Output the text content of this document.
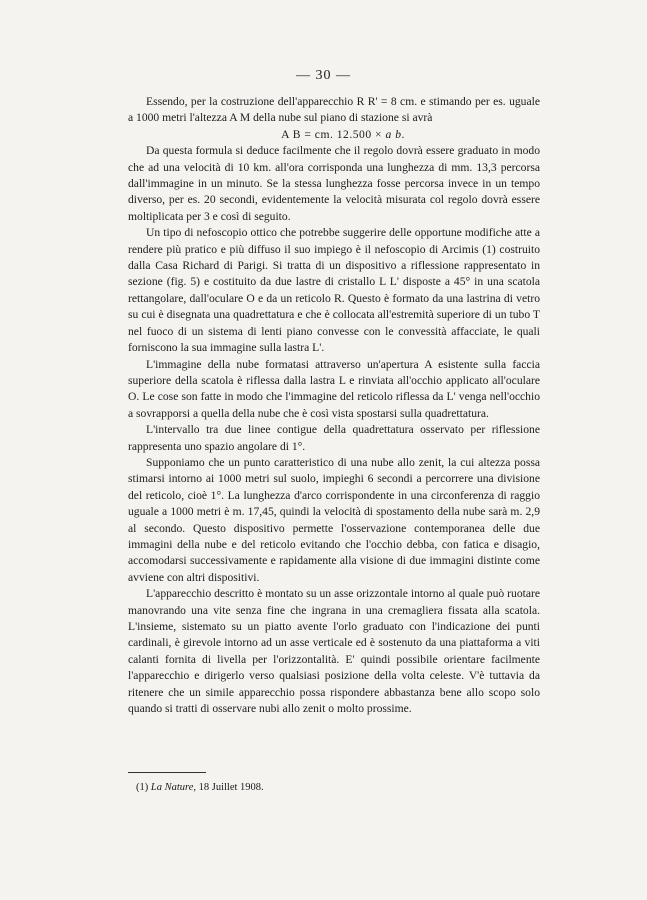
— 30 —

Essendo, per la costruzione dell'apparecchio R R' = 8 cm. e stimando per es. uguale a 1000 metri l'altezza A M della nube sul piano di stazione si avrà

A B = cm. 12.500 × a b.

Da questa formula si deduce facilmente che il regolo dovrà essere graduato in modo che ad una velocità di 10 km. all'ora corrisponda una lunghezza di mm. 13,3 percorsa dall'immagine in un minuto. Se la stessa lunghezza fosse percorsa invece in un tempo diverso, per es. 20 secondi, evidentemente la velocità misurata col regolo dovrà essere moltiplicata per 3 e così di seguito.

Un tipo di nefoscopio ottico che potrebbe suggerire delle opportune modifiche atte a rendere più pratico e più diffuso il suo impiego è il nefoscopio di Arcimis (1) costruito dalla Casa Richard di Parigi. Si tratta di un dispositivo a riflessione rappresentato in sezione (fig. 5) e costituito da due lastre di cristallo L L' disposte a 45° in una scatola rettangolare, dall'oculare O e da un reticolo R. Questo è formato da una lastrina di vetro su cui è disegnata una quadrettatura e che è collocata all'estremità superiore di un tubo T nel fuoco di un sistema di lenti piano convesse con le convessità affacciate, le quali forniscono la sua immagine sulla lastra L'.

L'immagine della nube formatasi attraverso un'apertura A esistente sulla faccia superiore della scatola è riflessa dalla lastra L e rinviata all'occhio applicato all'oculare O. Le cose son fatte in modo che l'immagine del reticolo riflessa da L' venga nell'occhio a sovrapporsi a quella della nube che è così vista spostarsi sulla quadrettatura.

L'intervallo tra due linee contigue della quadrettatura osservato per riflessione rappresenta uno spazio angolare di 1°.

Supponiamo che un punto caratteristico di una nube allo zenit, la cui altezza possa stimarsi intorno ai 1000 metri sul suolo, impieghi 6 secondi a percorrere una divisione del reticolo, cioè 1°. La lunghezza d'arco corrispondente in una circonferenza di raggio uguale a 1000 metri è m. 17,45, quindi la velocità di spostamento della nube sarà m. 2,9 al secondo. Questo dispositivo permette l'osservazione contemporanea delle due immagini della nube e del reticolo evitando che l'occhio debba, con fatica e disagio, accomodarsi successivamente e rapidamente alla visione di due immagini distinte come avviene con altri dispositivi.

L'apparecchio descritto è montato su un asse orizzontale intorno al quale può ruotare manovrando una vite senza fine che ingrana in una cremagliera fissata alla scatola. L'insieme, sistemato su un piatto avente l'orlo graduato con l'indicazione dei punti cardinali, è girevole intorno ad un asse verticale ed è sostenuto da una piattaforma a viti calanti fornita di livella per l'orizzontalità. E' quindi possibile orientare facilmente l'apparecchio e dirigerlo verso qualsiasi posizione della volta celeste. V'è tuttavia da ritenere che un simile apparecchio possa rispondere abbastanza bene allo scopo solo quando si tratti di osservare nubi allo zenit o molto prossime.

(1) La Nature, 18 Juillet 1908.
